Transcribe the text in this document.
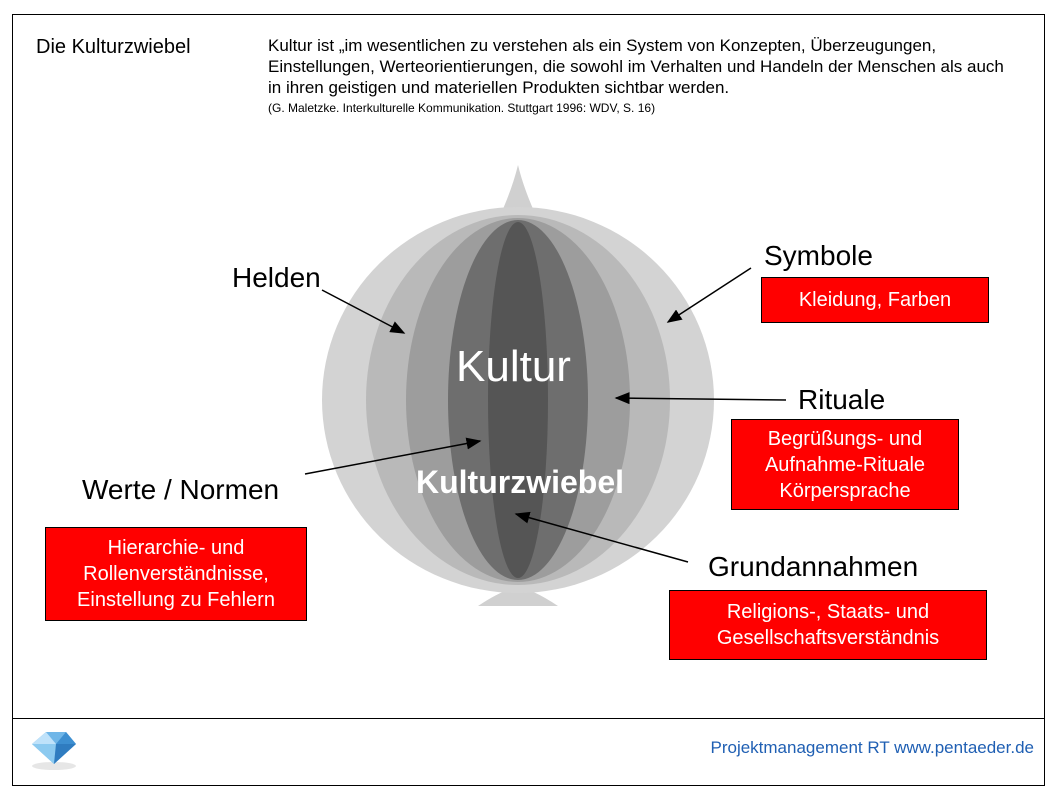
Die Kulturzwiebel	Kultur ist „im wesentlichen zu verstehen als ein System von Konzepten, Überzeugungen, Einstellungen, Werteorientierungen, die sowohl im Verhalten und Handeln der Menschen als auch in ihren geistigen und materiellen Produkten sichtbar werden.
(G. Maletzke. Interkulturelle Kommunikation. Stuttgart 1996: WDV, S. 16)
Kultur
Kulturzwiebel
Helden
Symbole
Rituale
Werte / Normen
Grundannahmen
Kleidung, Farben
Begrüßungs- und
Aufnahme-Rituale
Körpersprache
Hierarchie- und
Rollenverständnisse,
Einstellung zu Fehlern
Religions-, Staats- und
Gesellschaftsverständnis
Projektmanagement RT www.pentaeder.de
